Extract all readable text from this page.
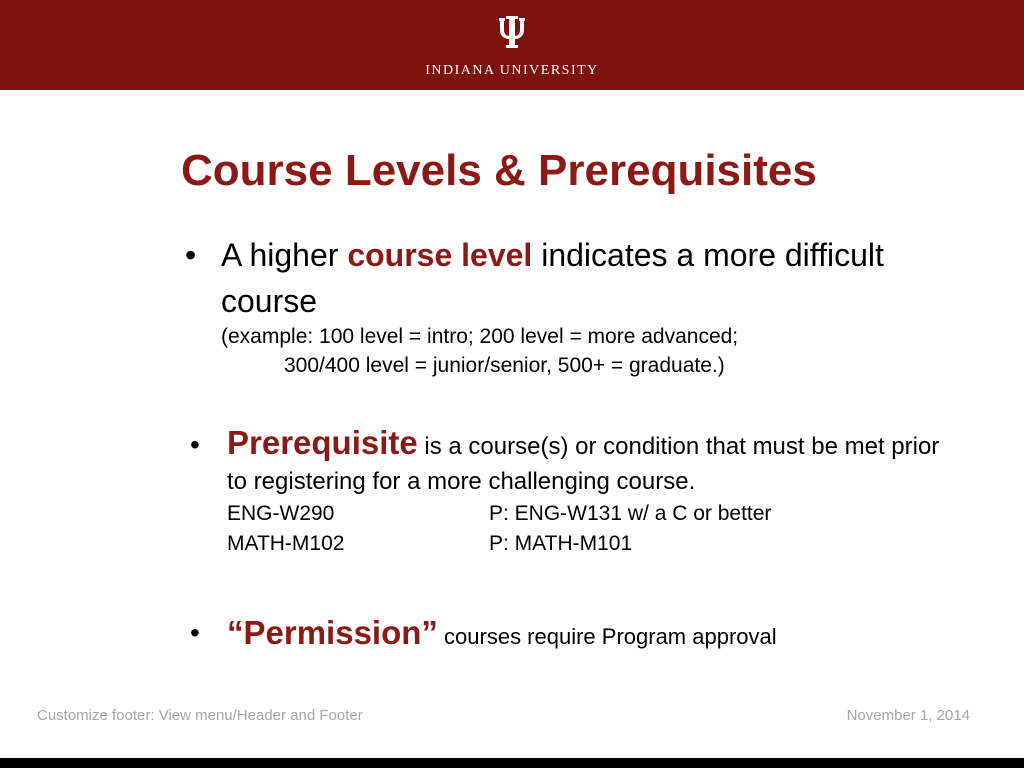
INDIANA UNIVERSITY
Course Levels & Prerequisites
• A higher course level indicates a more difficult course
(example: 100 level = intro; 200 level = more advanced;
300/400 level = junior/senior, 500+ = graduate.)
• Prerequisite is a course(s) or condition that must be met prior to registering for a more challenging course.
ENG-W290	P: ENG-W131 w/ a C or better
MATH-M102	P: MATH-M101
• “Permission” courses require Program approval
Customize footer: View menu/Header and Footer	November 1, 2014
